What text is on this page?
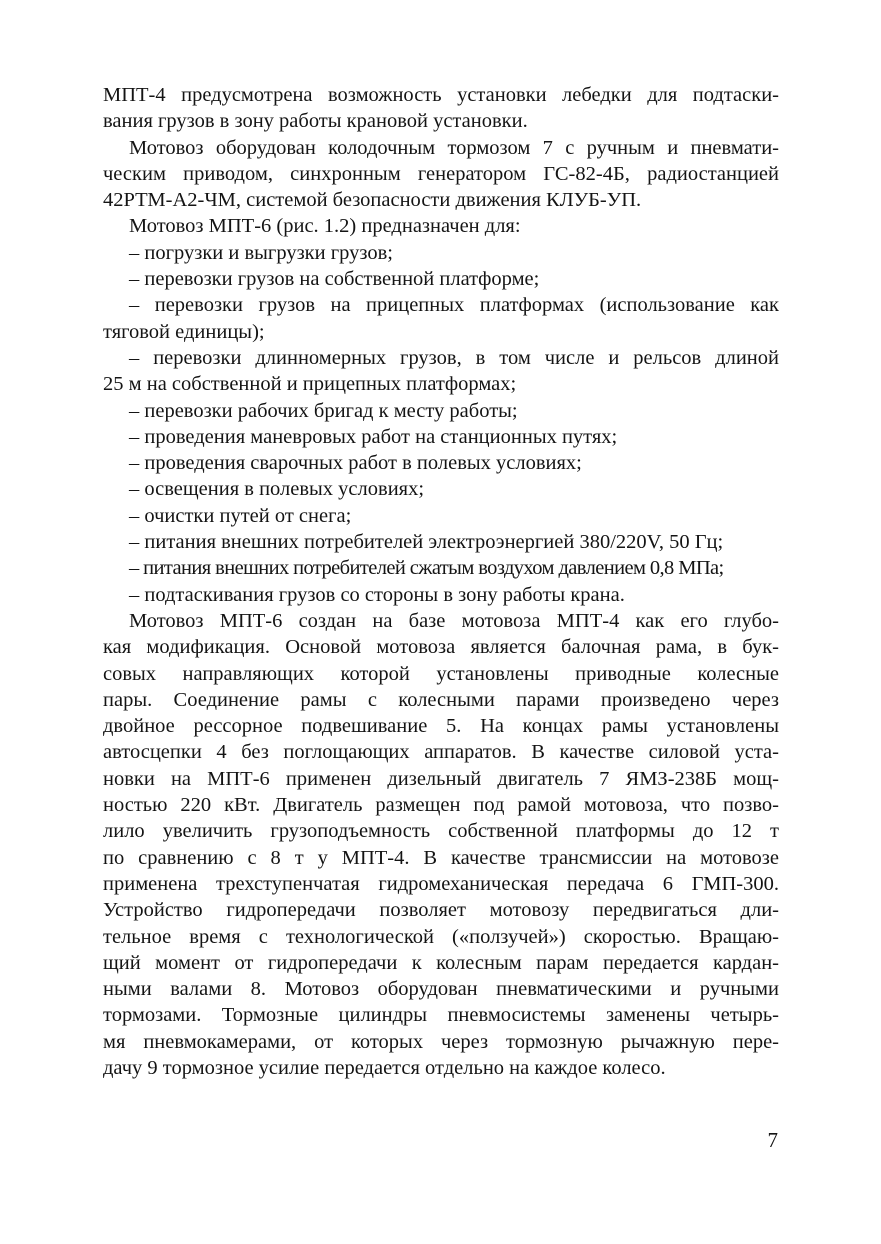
МПТ-4 предусмотрена возможность установки лебедки для подтаски-
вания грузов в зону работы крановой установки.
Мотовоз оборудован колодочным тормозом 7 с ручным и пневмати-
ческим приводом, синхронным генератором ГС-82-4Б, радиостанцией
42РТМ-А2-ЧМ, системой безопасности движения КЛУБ-УП.
Мотовоз МПТ-6 (рис. 1.2) предназначен для:
– погрузки и выгрузки грузов;
– перевозки грузов на собственной платформе;
– перевозки грузов на прицепных платформах (использование как
тяговой единицы);
– перевозки длинномерных грузов, в том числе и рельсов длиной
25 м на собственной и прицепных платформах;
– перевозки рабочих бригад к месту работы;
– проведения маневровых работ на станционных путях;
– проведения сварочных работ в полевых условиях;
– освещения в полевых условиях;
– очистки путей от снега;
– питания внешних потребителей электроэнергией 380/220V, 50 Гц;
– питания внешних потребителей сжатым воздухом давлением 0,8 МПа;
– подтаскивания грузов со стороны в зону работы крана.
Мотовоз МПТ-6 создан на базе мотовоза МПТ-4 как его глубо-
кая модификация. Основой мотовоза является балочная рама, в бук-
совых направляющих которой установлены приводные колесные
пары. Соединение рамы с колесными парами произведено через
двойное рессорное подвешивание 5. На концах рамы установлены
автосцепки 4 без поглощающих аппаратов. В качестве силовой уста-
новки на МПТ-6 применен дизельный двигатель 7 ЯМЗ-238Б мощ-
ностью 220 кВт. Двигатель размещен под рамой мотовоза, что позво-
лило увеличить грузоподъемность собственной платформы до 12 т
по сравнению с 8 т у МПТ-4. В качестве трансмиссии на мотовозе
применена трехступенчатая гидромеханическая передача 6 ГМП-300.
Устройство гидропередачи позволяет мотовозу передвигаться дли-
тельное время с технологической («ползучей») скоростью. Вращаю-
щий момент от гидропередачи к колесным парам передается кардан-
ными валами 8. Мотовоз оборудован пневматическими и ручными
тормозами. Тормозные цилиндры пневмосистемы заменены четырь-
мя пневмокамерами, от которых через тормозную рычажную пере-
дачу 9 тормозное усилие передается отдельно на каждое колесо.
7
